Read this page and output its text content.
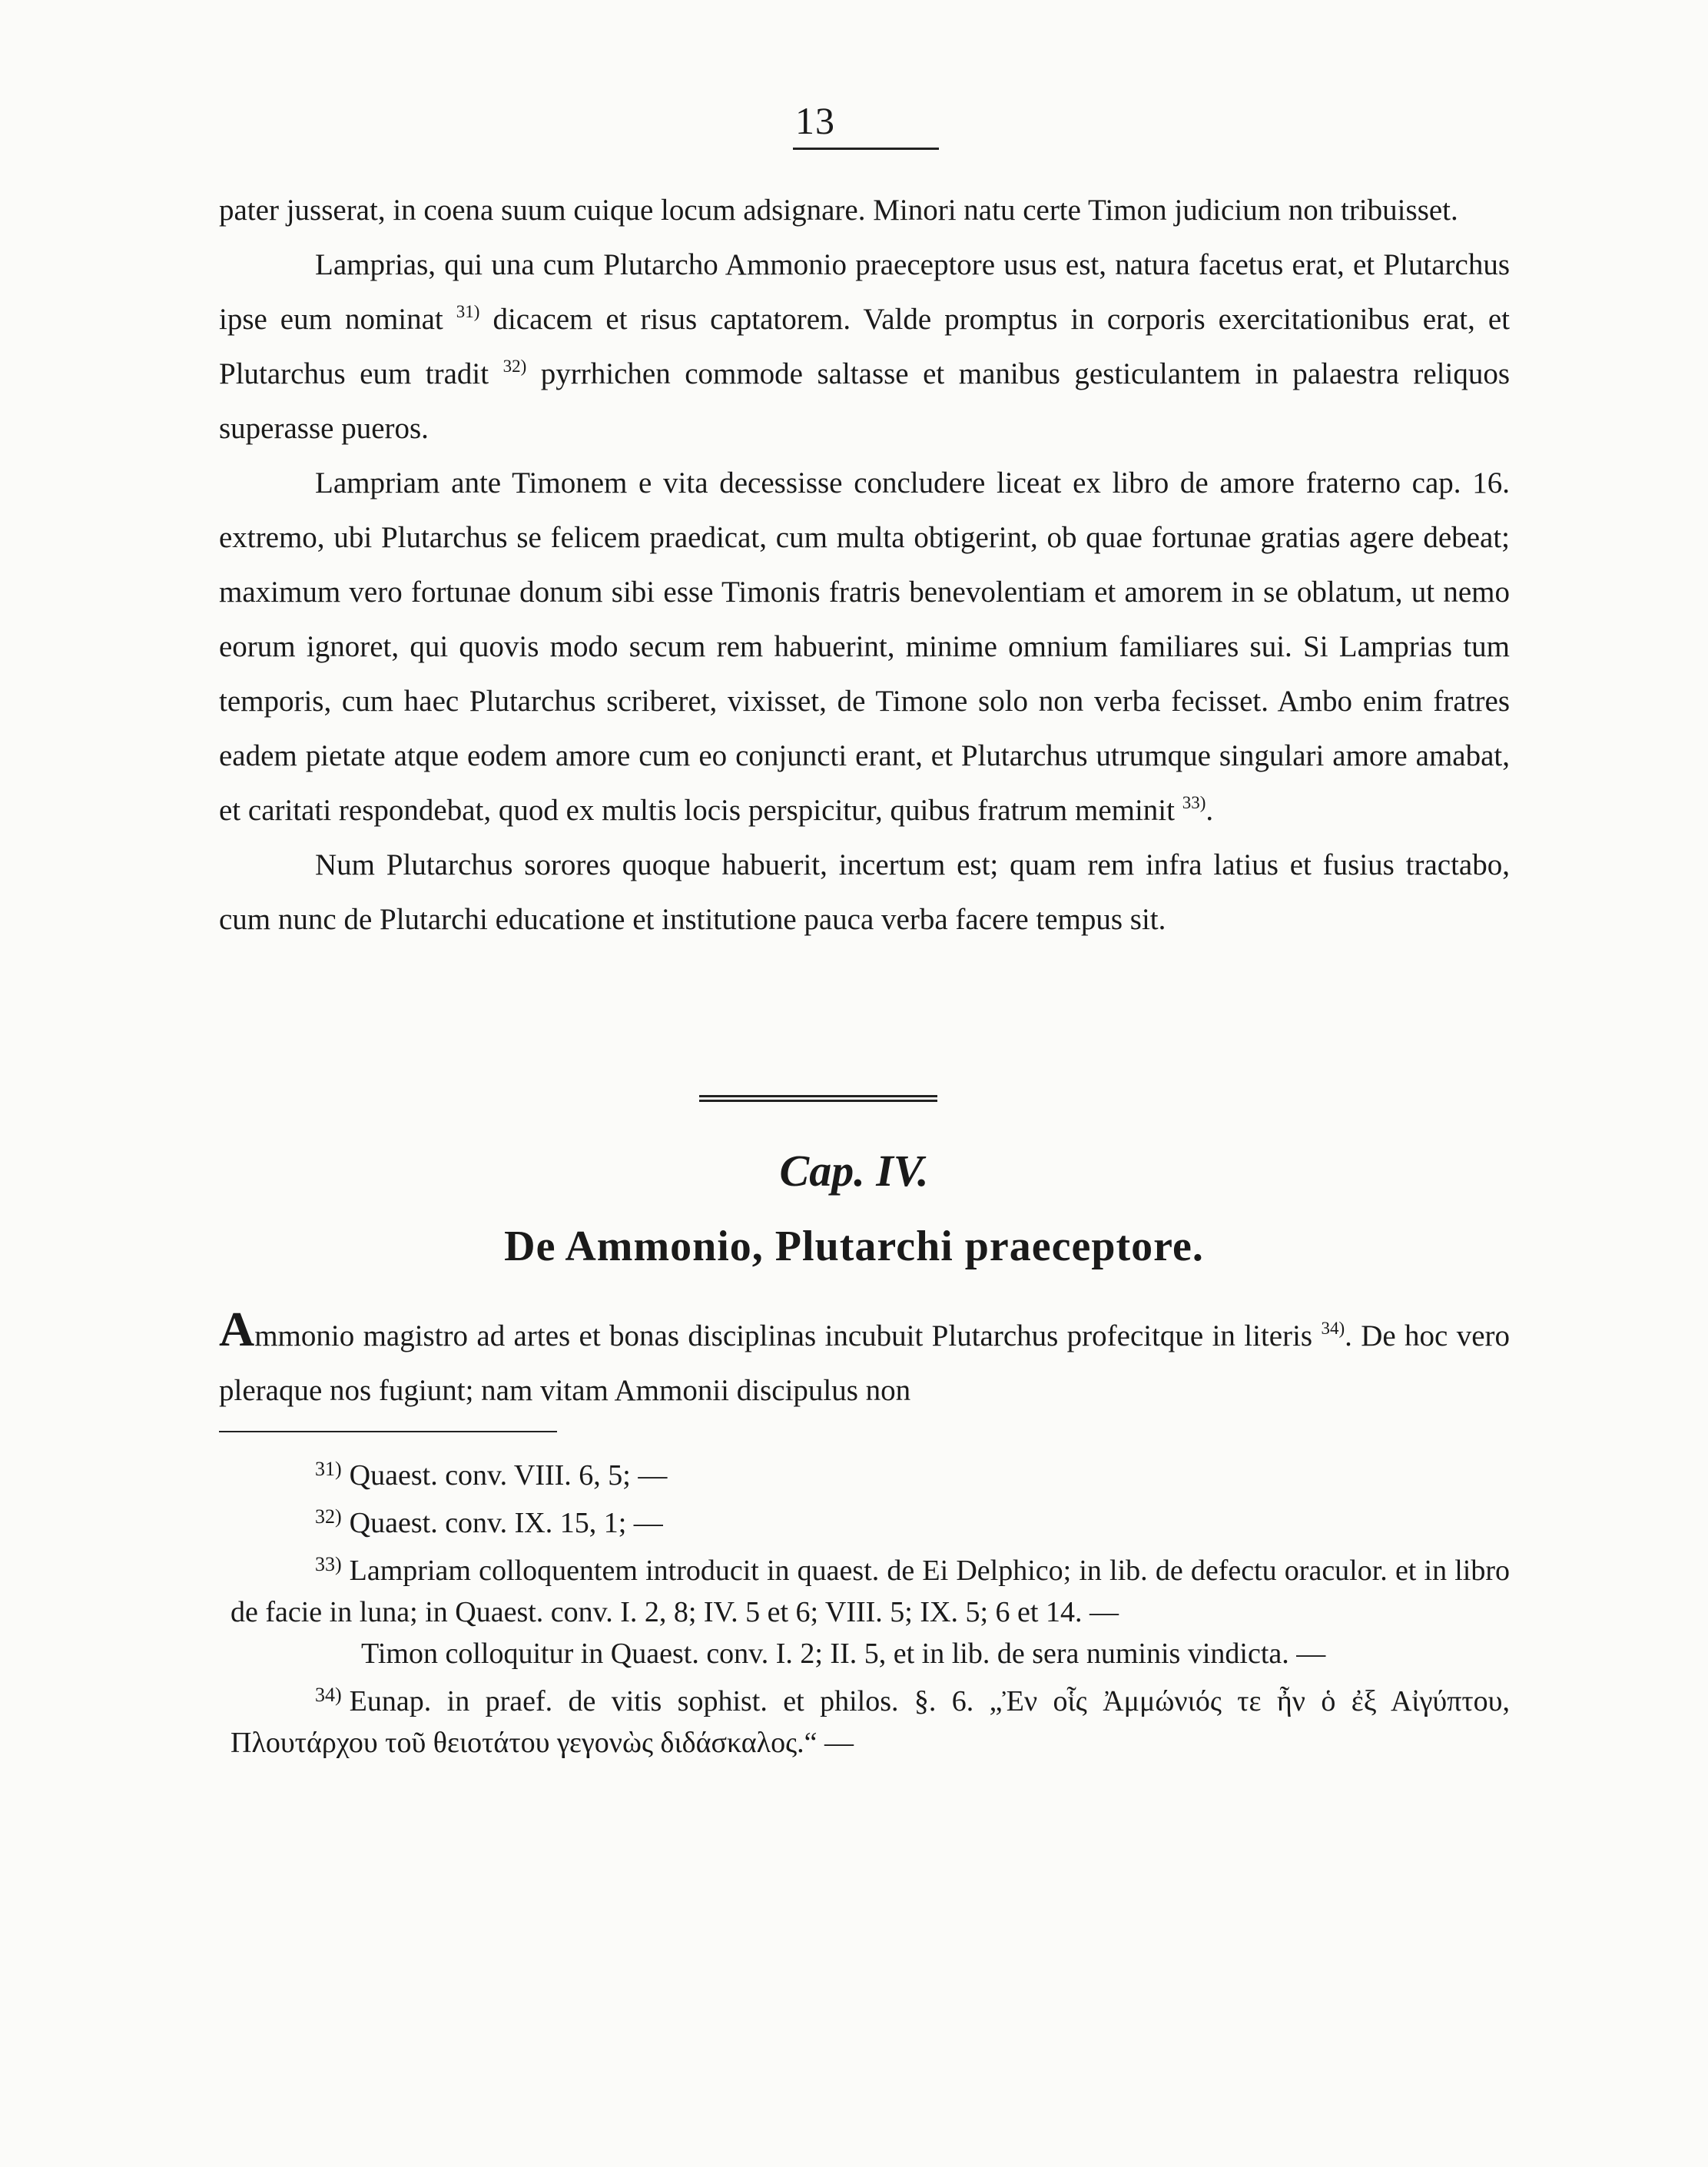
13

pater jusserat, in coena suum cuique locum adsignare. Minori natu certe Timon judicium non tribuisset.

Lamprias, qui una cum Plutarcho Ammonio praeceptore usus est, natura facetus erat, et Plutarchus ipse eum nominat $^{31)}$ dicacem et risus captatorem. Valde promptus in corporis exercitationibus erat, et Plutarchus eum tradit $^{32)}$ pyrrhichen commode saltasse et manibus gesticulantem in palaestra reliquos superasse pueros.

Lampriam ante Timonem e vita decessisse concludere liceat ex libro de amore fraterno cap. 16. extremo, ubi Plutarchus se felicem praedicat, cum multa obtigerint, ob quae fortunae gratias agere debeat; maximum vero fortunae donum sibi esse Timonis fratris benevolentiam et amorem in se oblatum, ut nemo eorum ignoret, qui quovis modo secum rem habuerint, minime omnium familiares sui. Si Lamprias tum temporis, cum haec Plutarchus scriberet, vixisset, de Timone solo non verba fecisset. Ambo enim fratres eadem pietate atque eodem amore cum eo conjuncti erant, et Plutarchus utrumque singulari amore amabat, et caritati respondebat, quod ex multis locis perspicitur, quibus fratrum meminit $^{33)}$.

Num Plutarchus sorores quoque habuerit, incertum est; quam rem infra latius et fusius tractabo, cum nunc de Plutarchi educatione et institutione pauca verba facere tempus sit.

Cap. IV.
De Ammonio, Plutarchi praeceptore.

Ammonio magistro ad artes et bonas disciplinas incubuit Plutarchus profecitque in literis $^{34)}$. De hoc vero pleraque nos fugiunt; nam vitam Ammonii discipulus non

$^{31)}$ Quaest. conv. VIII. 6, 5; —

$^{32)}$ Quaest. conv. IX. 15, 1; —

$^{33)}$ Lampriam colloquentem introducit in quaest. de Ei Delphico; in lib. de defectu oraculor. et in libro de facie in luna; in Quaest. conv. I. 2, 8; IV. 5 et 6; VIII. 5; IX. 5; 6 et 14. —

Timon colloquitur in Quaest. conv. I. 2; II. 5, et in lib. de sera numinis vindicta. —

$^{34)}$ Eunap. in praef. de vitis sophist. et philos. §. 6. „Ἐν οἷς Ἀμμώνιός τε ἦν ὁ ἐξ Αἰγύπτου, Πλουτάρχου τοῦ θειοτάτου γεγονὼς διδάσκαλος.“ —
